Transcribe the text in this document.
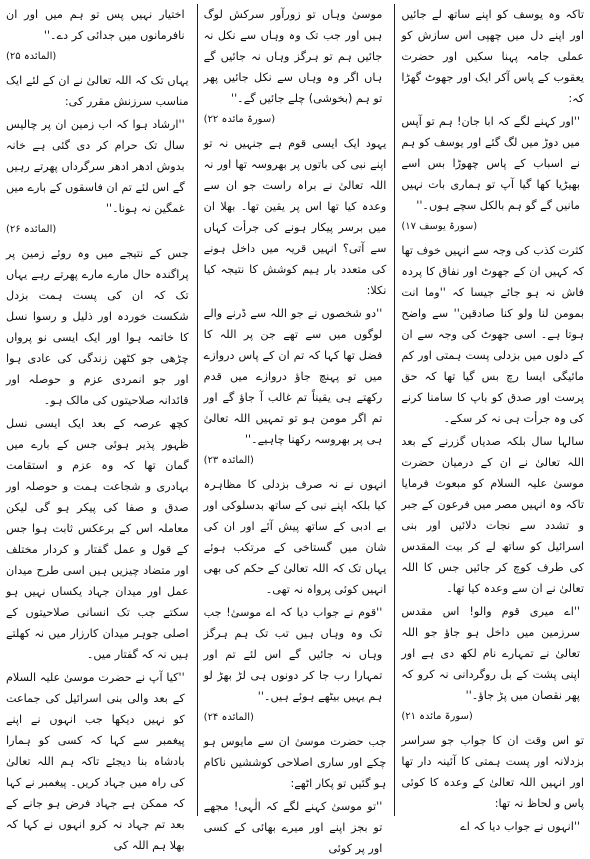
تاکہ وہ یوسف کو اپنے ساتھ لے جائیں اور اپنے دل میں چھپی اس سازش کو عملی جامہ پہنا سکیں اور حضرت یعقوب کے پاس آکر ایک اور جھوٹ گھڑا کہ:

''اور کہنے لگے کہ ابا جان! ہم تو آپس میں دوڑ میں لگ گئے اور یوسف کو ہم نے اسباب کے پاس چھوڑا بس اسے بھیڑیا کھا گیا آپ تو ہماری بات نہیں مانیں گے گو ہم بالکل سچے ہوں۔''

(سورۃ یوسف ۱۷)

کثرت کذب کی وجہ سے انہیں خوف تھا کہ کہیں ان کے جھوٹ اور نفاق کا پردہ فاش نہ ہو جائے جیسا کہ ''وما انت بمومن لنا ولو کنا صادقین'' سے واضح ہوتا ہے۔ اسی جھوٹ کی وجہ سے ان کے دلوں میں بزدلی پست ہمتی اور کم مائیگی ایسا رچ بس گیا تھا کہ حق پرست اور صدق کو باپ کا سامنا کرنے کی وہ جرأت ہی نہ کر سکے۔

سالہا سال بلکہ صدیاں گزرنے کے بعد اللہ تعالیٰ نے ان کے درمیان حضرت موسیٰ علیہ السلام کو مبعوث فرمایا تاکہ وہ انہیں مصر میں فرعون کے جبر و تشدد سے نجات دلائیں اور بنی اسرائیل کو ساتھ لے کر بیت المقدس کی طرف کوچ کر جائیں جس کا اللہ تعالیٰ نے ان سے وعدہ کیا تھا۔

''اے میری قوم والو! اس مقدس سرزمین میں داخل ہو جاؤ جو اللہ تعالیٰ نے تمہارے نام لکھ دی ہے اور اپنی پشت کے بل روگردانی نہ کرو کہ پھر نقصان میں پڑ جاؤ۔''

(سورۃ مائدہ ۲۱)

تو اس وقت ان کا جواب جو سراسر بزدلانہ اور پست ہمتی کا آئینہ دار تھا اور انہیں اللہ تعالیٰ کے وعدہ کا کوئی پاس و لحاظ نہ تھا:

''انہوں نے جواب دیا کہ اے

موسیٰ وہاں تو زورآور سرکش لوگ ہیں اور جب تک وہ وہاں سے نکل نہ جائیں ہم تو ہرگز وہاں نہ جائیں گے ہاں اگر وہ وہاں سے نکل جائیں پھر تو ہم (بخوشی) چلے جائیں گے۔''

(سورۃ مائدہ ۲۲)

یہود ایک ایسی قوم ہے جنہیں نہ تو اپنے نبی کی باتوں پر بھروسہ تھا اور نہ اللہ تعالیٰ نے براہ راست جو ان سے وعدہ کیا تھا اس پر یقین تھا۔ بھلا ان میں برسر پیکار ہونے کی جرأت کہاں سے آتی؟ انہیں قریہ میں داخل ہونے کی متعدد بار ہیم کوشش کا نتیجہ کیا نکلا:

''دو شخصوں نے جو اللہ سے ڈرنے والے لوگوں میں سے تھے جن پر اللہ کا فضل تھا کہا کہ تم ان کے پاس دروازے میں تو پہنچ جاؤ دروازے میں قدم رکھتے ہی یقیناً تم غالب آ جاؤ گے اور تم اگر مومن ہو تو تمہیں اللہ تعالیٰ ہی پر بھروسہ رکھنا چاہیے۔''

(المائدہ ۲۳)

انہوں نے نہ صرف بزدلی کا مظاہرہ کیا بلکہ اپنے نبی کے ساتھ بدسلوکی اور بے ادبی کے ساتھ پیش آئے اور ان کی شان میں گستاخی کے مرتکب ہوئے یہاں تک کہ اللہ تعالیٰ کے حکم کی بھی انہیں کوئی پرواہ نہ تھی۔

''قوم نے جواب دیا کہ اے موسیٰ! جب تک وہ وہاں ہیں تب تک ہم ہرگز وہاں نہ جائیں گے اس لئے تم اور تمہارا رب جا کر دونوں ہی لڑ بھڑ لو ہم یہیں بیٹھے ہوئے ہیں۔''

(المائدہ ۲۴)

جب حضرت موسیٰ ان سے مایوس ہو چکے اور ساری اصلاحی کوششیں ناکام ہو گئیں تو پکار اٹھے:

''تو موسیٰ کہنے لگے کہ الٰہی! مجھے تو بجز اپنے اور میرے بھائی کے کسی اور پر کوئی

اختیار نہیں پس تو ہم میں اور ان نافرمانوں میں جدائی کر دے۔''

(المائدہ ۲۵)

یہاں تک کہ اللہ تعالیٰ نے ان کے لئے ایک مناسب سرزنش مقرر کی:

''ارشاد ہوا کہ اب زمین ان پر چالیس سال تک حرام کر دی گئی ہے خانہ بدوش ادھر ادھر سرگرداں پھرتے رہیں گے اس لئے تم ان فاسقوں کے بارے میں غمگین نہ ہونا۔''

(المائدہ ۲۶)

جس کے نتیجے میں وہ روئے زمین پر پراگندہ حال مارے مارے پھرتے رہے یہاں تک کہ ان کی پست ہمت بزدل شکست خوردہ اور ذلیل و رسوا نسل کا خاتمہ ہوا اور ایک ایسی نو پرواں چڑھی جو کٹھن زندگی کی عادی ہوا اور جو انمردی عزم و حوصلہ اور قائدانہ صلاحیتوں کی مالک ہو۔

کچھ عرصہ کے بعد ایک ایسی نسل ظہور پذیر ہوئی جس کے بارے میں گمان تھا کہ وہ عزم و استقامت بہادری و شجاعت ہمت و حوصلہ اور صدق و صفا کی پیکر ہو گی لیکن معاملہ اس کے برعکس ثابت ہوا جس کے قول و عمل گفتار و کردار مختلف اور متضاد چیزیں ہیں اسی طرح میدان عمل اور میدان جہاد یکساں نہیں ہو سکتے جب تک انسانی صلاحیتوں کے اصلی جوہر میدان کارزار میں نہ کھلتے ہیں نہ کہ گفتار میں۔

''کیا آپ نے حضرت موسیٰ علیہ السلام کے بعد والی بنی اسرائیل کی جماعت کو نہیں دیکھا جب انہوں نے اپنے پیغمبر سے کہا کہ کسی کو ہمارا بادشاہ بنا دیجئے تاکہ ہم اللہ تعالیٰ کی راہ میں جہاد کریں۔ پیغمبر نے کہا کہ ممکن ہے جہاد فرض ہو جانے کے بعد تم جہاد نہ کرو انہوں نے کہا کہ بھلا ہم اللہ کی
